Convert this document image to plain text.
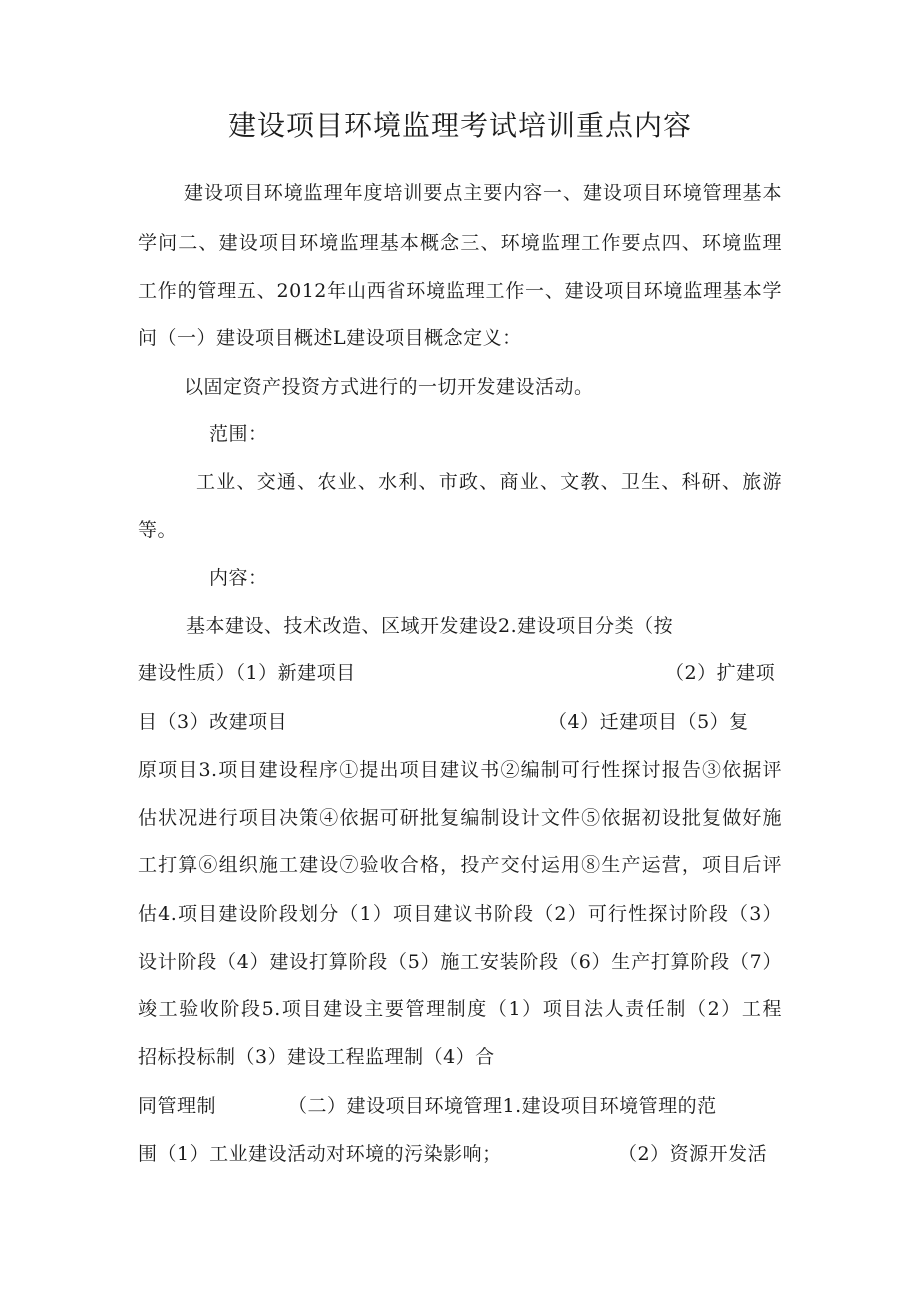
建设项目环境监理考试培训重点内容
建设项目环境监理年度培训要点主要内容一、建设项目环境管理基本
学问二、建设项目环境监理基本概念三、环境监理工作要点四、环境监理
工作的管理五、2012年山西省环境监理工作一、建设项目环境监理基本学
问（一）建设项目概述L建设项目概念定义：
以固定资产投资方式进行的一切开发建设活动。
范围：
工业、交通、农业、水利、市政、商业、文教、卫生、科研、旅游
等。
内容：
基本建设、技术改造、区域开发建设2.建设项目分类（按
建设性质）（1）新建项目	（2）扩建项
目（3）改建项目	（4）迁建项目（5）复
原项目3.项目建设程序①提出项目建议书②编制可行性探讨报告③依据评
估状况进行项目决策④依据可研批复编制设计文件⑤依据初设批复做好施
工打算⑥组织施工建设⑦验收合格，投产交付运用⑧生产运营，项目后评
估4.项目建设阶段划分（1）项目建议书阶段（2）可行性探讨阶段（3）
设计阶段（4）建设打算阶段（5）施工安装阶段（6）生产打算阶段（7）
竣工验收阶段5.项目建设主要管理制度（1）项目法人责任制（2）工程
招标投标制（3）建设工程监理制（4）合
同管理制	（二）建设项目环境管理1.建设项目环境管理的范
围（1）工业建设活动对环境的污染影响；	（2）资源开发活
